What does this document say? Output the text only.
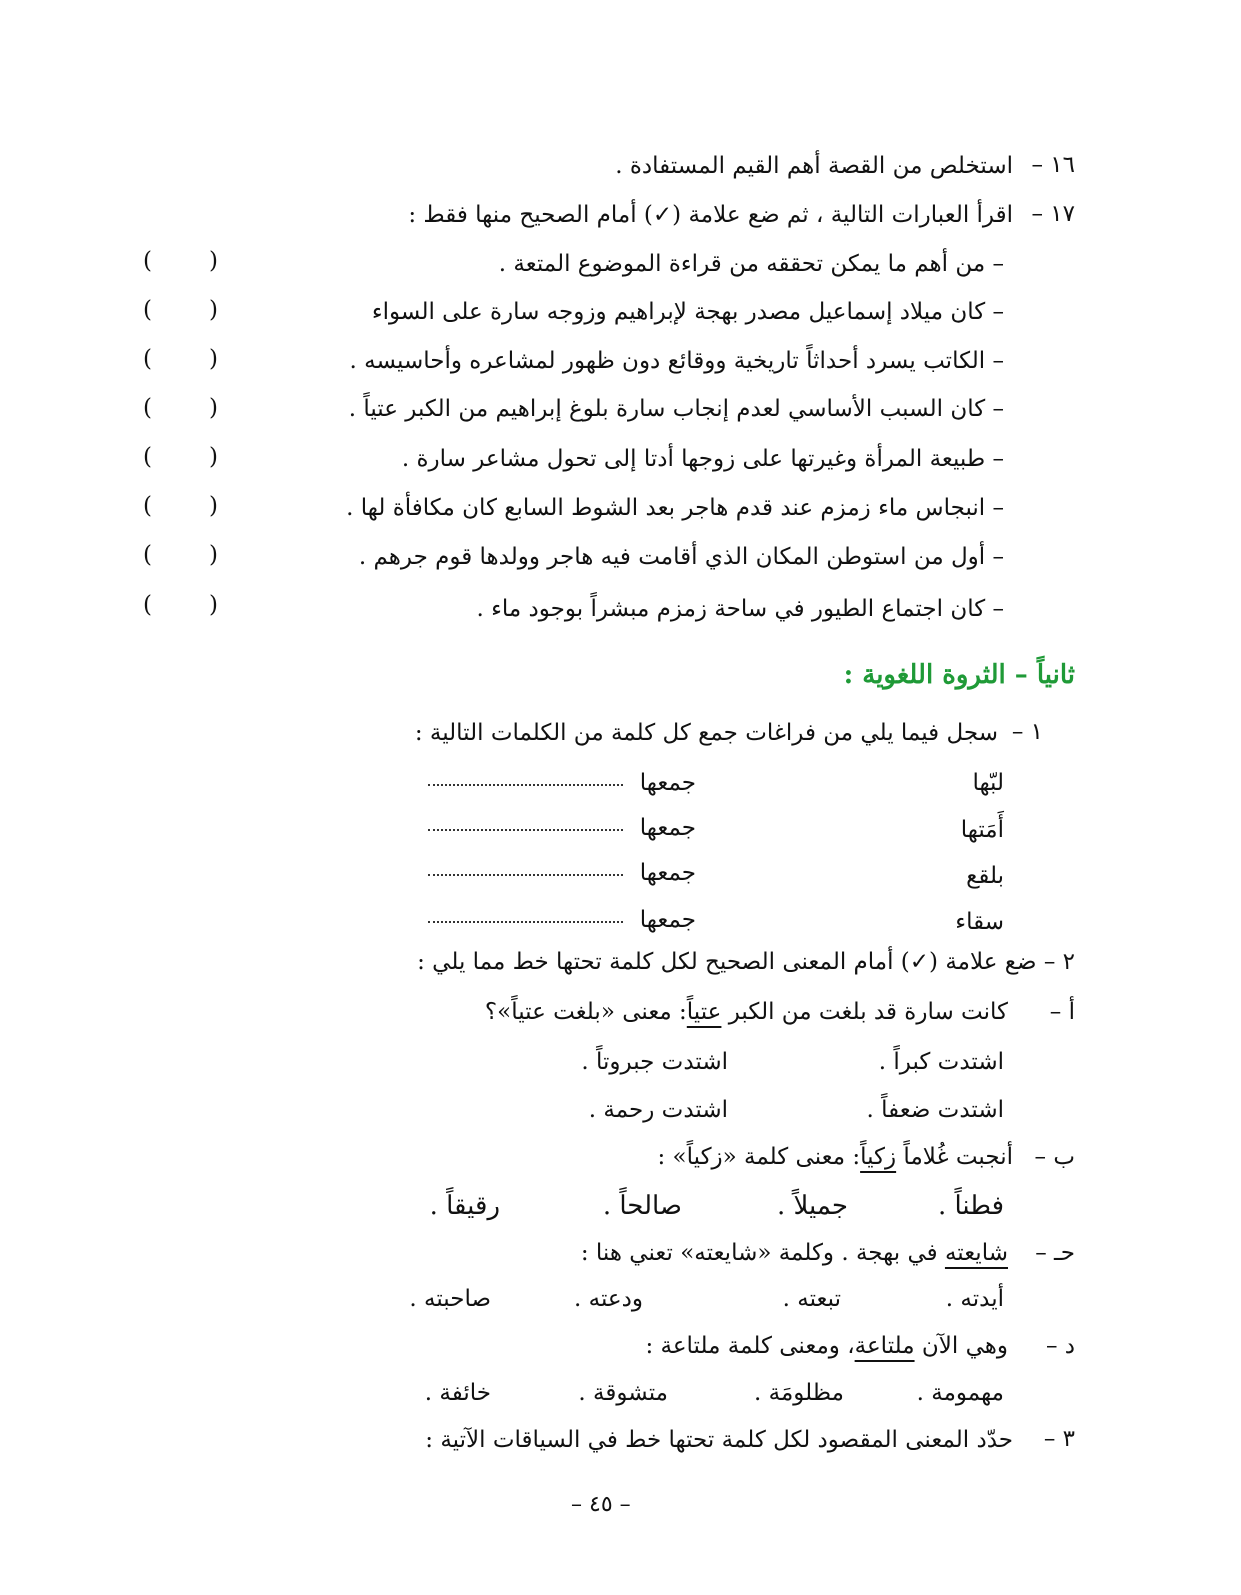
١٦ –
استخلص من القصة أهم القيم المستفادة .
١٧ –
اقرأ العبارات التالية ، ثم ضع علامة (✓) أمام الصحيح منها فقط :
– من أهم ما يمكن تحققه من قراءة الموضوع المتعة .
– كان ميلاد إسماعيل مصدر بهجة لإبراهيم وزوجه سارة على السواء
– الكاتب يسرد أحداثاً تاريخية ووقائع دون ظهور لمشاعره وأحاسيسه .
– كان السبب الأساسي لعدم إنجاب سارة بلوغ إبراهيم من الكبر عتياً .
– طبيعة المرأة وغيرتها على زوجها أدتا إلى تحول مشاعر سارة .
– انبجاس ماء زمزم عند قدم هاجر بعد الشوط السابع كان مكافأة لها .
– أول من استوطن المكان الذي أقامت فيه هاجر وولدها قوم جرهم .
– كان اجتماع الطيور في ساحة زمزم مبشراً بوجود ماء .
( )
( )
( )
( )
( )
( )
( )
( )
ثانياً – الثروة اللغوية :
١ –
سجل فيما يلي من فراغات جمع كل كلمة من الكلمات التالية :
لبّها
جمعها
أَمَتها
جمعها
بلقع
جمعها
سقاء
جمعها
٢ – ضع علامة (✓) أمام المعنى الصحيح لكل كلمة تحتها خط مما يلي :
أ –
كانت سارة قد بلغت من الكبر عتياً: معنى «بلغت عتياً»؟
اشتدت كبراً .
اشتدت جبروتاً .
اشتدت ضعفاً .
اشتدت رحمة .
ب –
أنجبت غُلاماً زكياً: معنى كلمة «زكياً» :
فطناً .
جميلاً .
صالحاً .
رقيقاً .
حـ –
شايعته في بهجة . وكلمة «شايعته» تعني هنا :
أيدته .
تبعته .
ودعته .
صاحبته .
د –
وهي الآن ملتاعة، ومعنى كلمة ملتاعة :
مهمومة .
مظلومَة .
متشوقة .
خائفة .
٣ –
حدّد المعنى المقصود لكل كلمة تحتها خط في السياقات الآتية :
– ٤٥ –
